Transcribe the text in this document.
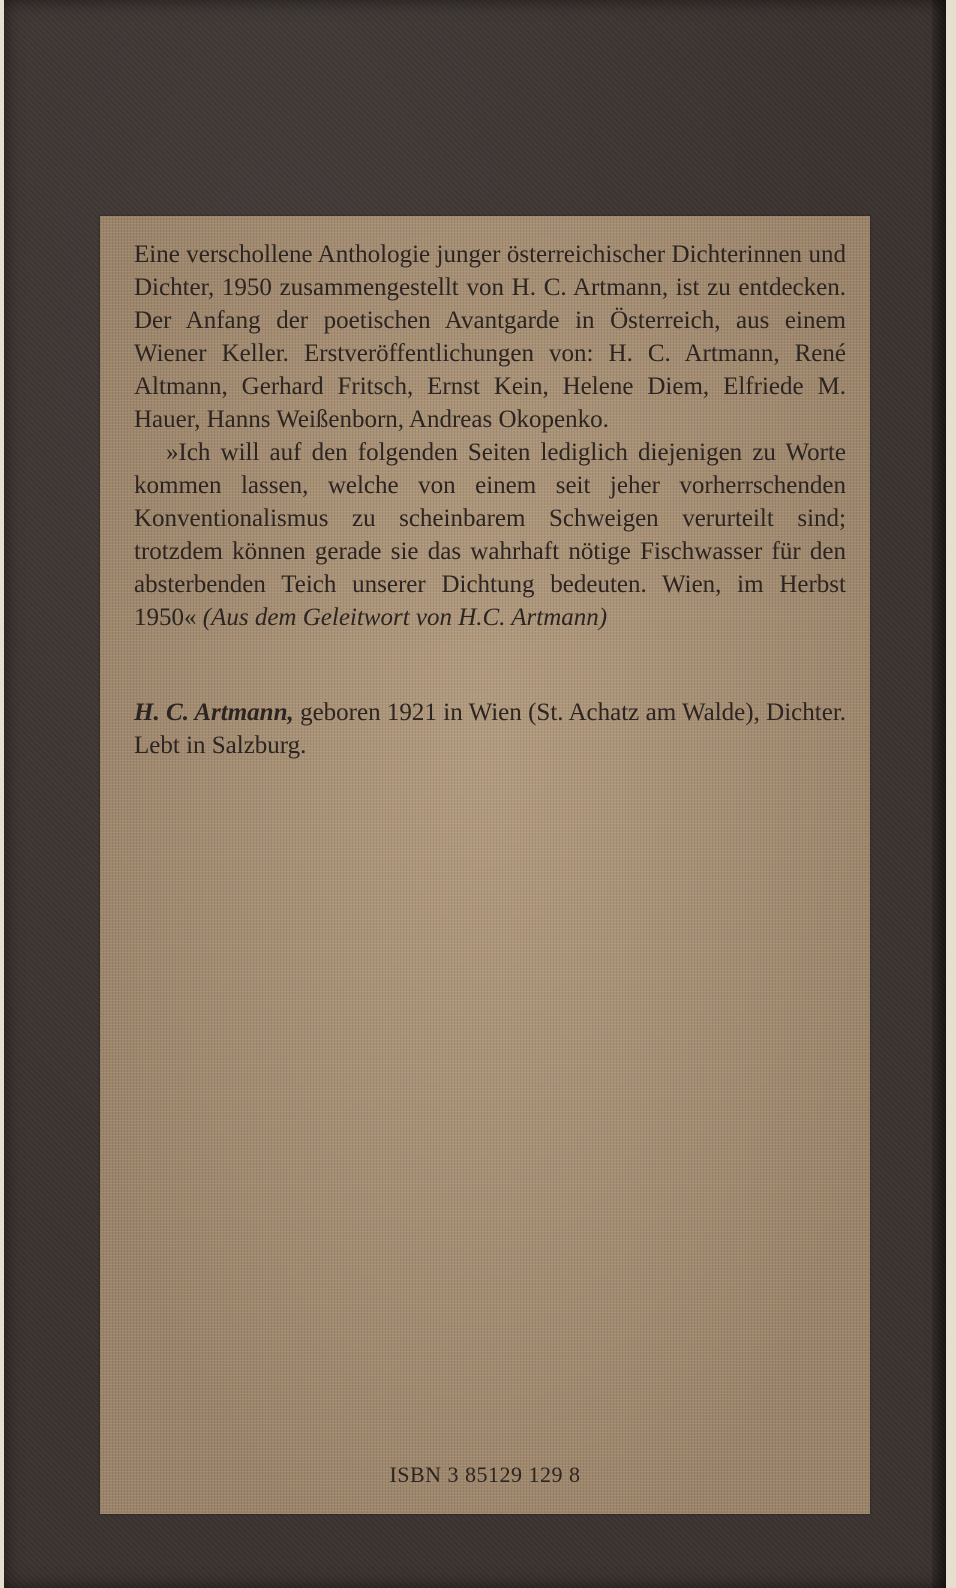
Eine verschollene Anthologie junger österreichischer Dichterinnen und Dichter, 1950 zusammengestellt von H. C. Artmann, ist zu entdecken. Der Anfang der poetischen Avantgarde in Österreich, aus einem Wiener Keller. Erstveröffentlichungen von: H. C. Artmann, René Altmann, Gerhard Fritsch, Ernst Kein, Helene Diem, Elfriede M. Hauer, Hanns Weißenborn, Andreas Okopenko.

»Ich will auf den folgenden Seiten lediglich diejenigen zu Worte kommen lassen, welche von einem seit jeher vorherrschenden Konventionalismus zu scheinbarem Schweigen verurteilt sind; trotzdem können gerade sie das wahrhaft nötige Fischwasser für den absterbenden Teich unserer Dichtung bedeuten. Wien, im Herbst 1950« (Aus dem Geleitwort von H.C. Artmann)

H. C. Artmann, geboren 1921 in Wien (St. Achatz am Walde), Dichter. Lebt in Salzburg.

ISBN 3 85129 129 8
